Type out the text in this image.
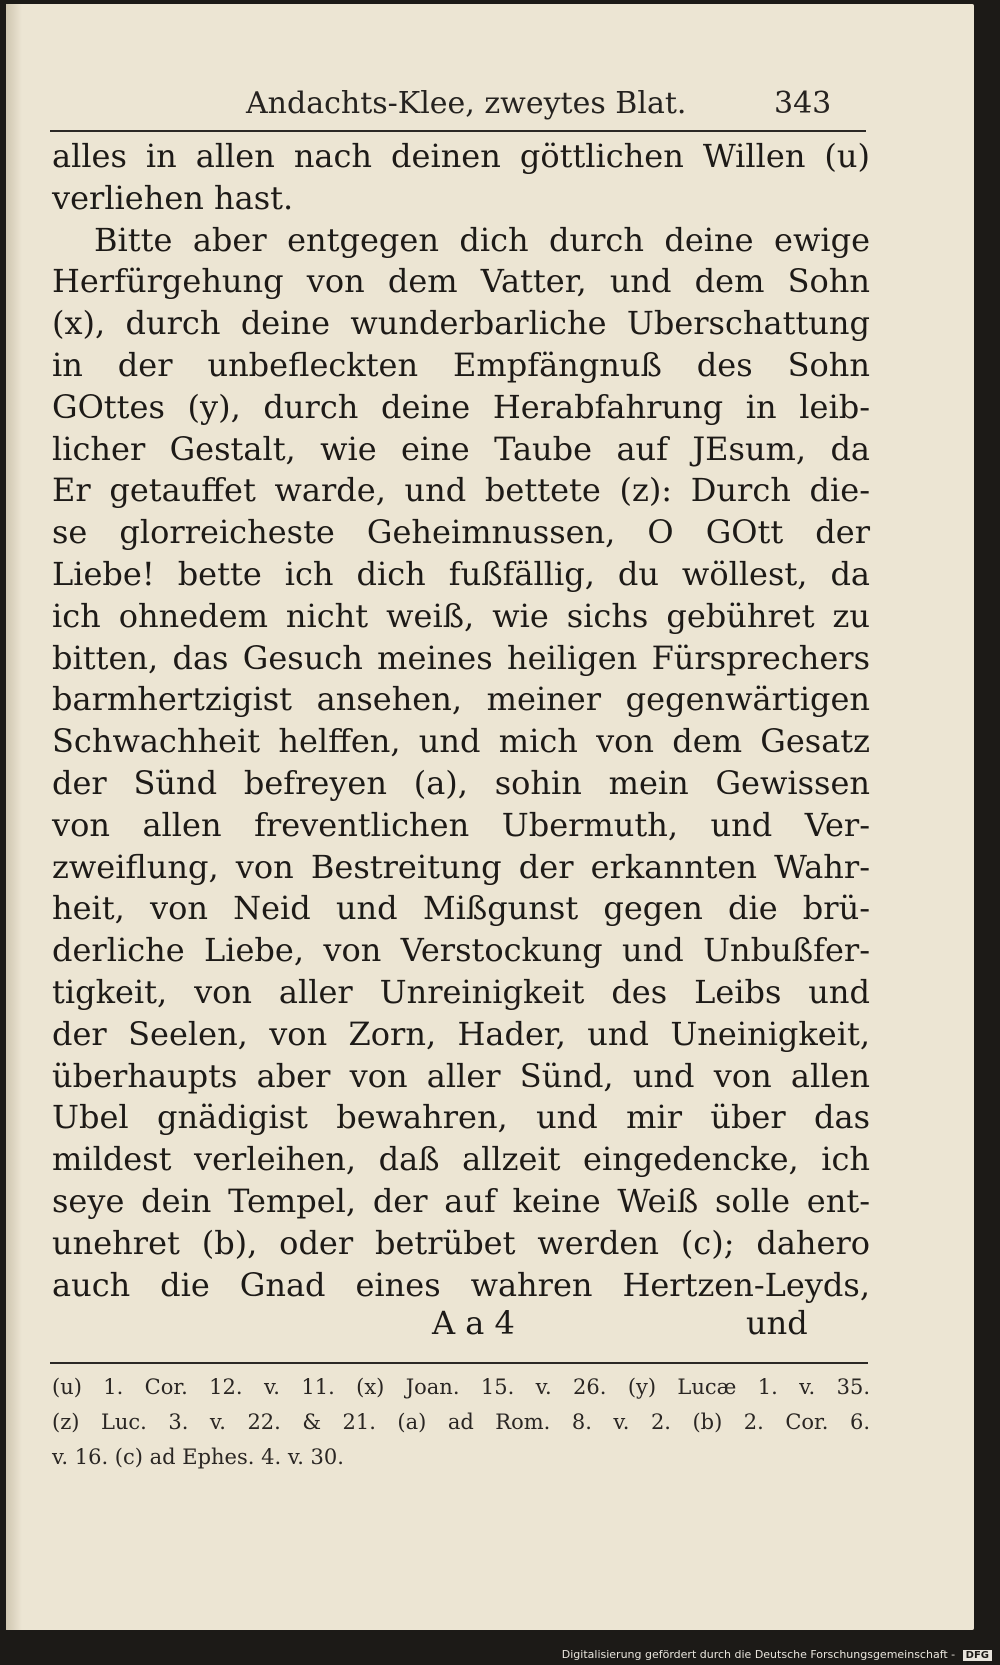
Andachts-Klee, zweytes Blat.	343
alles in allen nach deinen göttlichen Willen (u)
verliehen hast.
Bitte aber entgegen dich durch deine ewige
Herfürgehung von dem Vatter, und dem Sohn
(x), durch deine wunderbarliche Uberschattung
in der unbefleckten Empfängnuß des Sohn
GOttes (y), durch deine Herabfahrung in leib-
licher Gestalt, wie eine Taube auf JEsum, da
Er getauffet warde, und bettete (z): Durch die-
se glorreicheste Geheimnussen, O GOtt der
Liebe! bette ich dich fußfällig, du wöllest, da
ich ohnedem nicht weiß, wie sichs gebühret zu
bitten, das Gesuch meines heiligen Fürsprechers
barmhertzigist ansehen, meiner gegenwärtigen
Schwachheit helffen, und mich von dem Gesatz
der Sünd befreyen (a), sohin mein Gewissen
von allen freventlichen Ubermuth, und Ver-
zweiflung, von Bestreitung der erkannten Wahr-
heit, von Neid und Mißgunst gegen die brü-
derliche Liebe, von Verstockung und Unbußfer-
tigkeit, von aller Unreinigkeit des Leibs und
der Seelen, von Zorn, Hader, und Uneinigkeit,
überhaupts aber von aller Sünd, und von allen
Ubel gnädigist bewahren, und mir über das
mildest verleihen, daß allzeit eingedencke, ich
seye dein Tempel, der auf keine Weiß solle ent-
unehret (b), oder betrübet werden (c); dahero
auch die Gnad eines wahren Hertzen-Leyds,
A a 4	und
(u) 1. Cor. 12. v. 11. (x) Joan. 15. v. 26. (y) Lucæ 1. v. 35.
(z) Luc. 3. v. 22. & 21. (a) ad Rom. 8. v. 2. (b) 2. Cor. 6.
v. 16. (c) ad Ephes. 4. v. 30.
Digitalisierung gefördert durch die Deutsche Forschungsgemeinschaft - DFG
